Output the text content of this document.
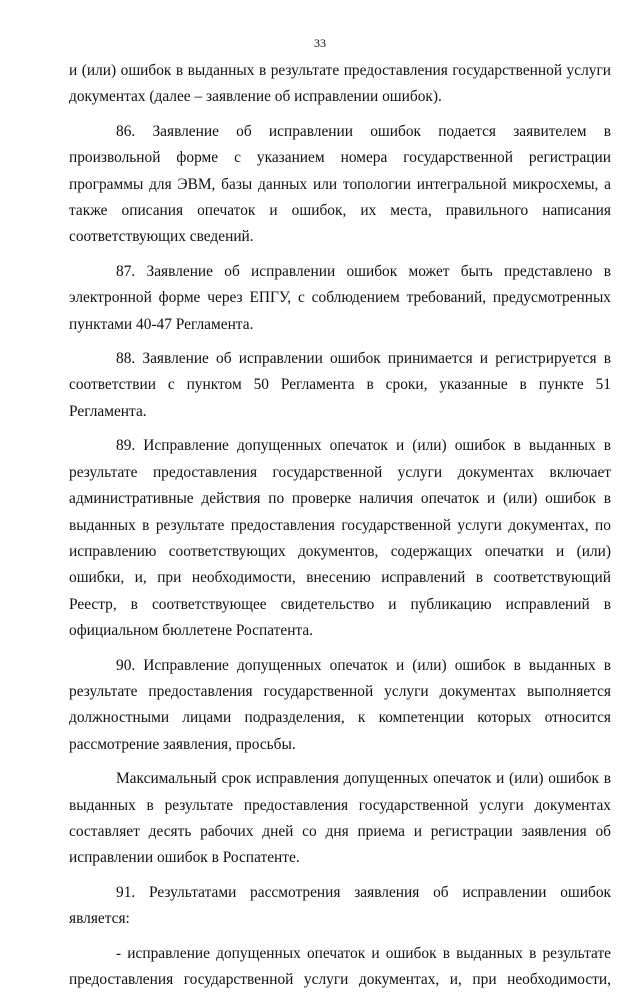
33

и (или) ошибок в выданных в результате предоставления государственной услуги документах (далее – заявление об исправлении ошибок).

86. Заявление об исправлении ошибок подается заявителем в произвольной форме с указанием номера государственной регистрации программы для ЭВМ, базы данных или топологии интегральной микросхемы, а также описания опечаток и ошибок, их места, правильного написания соответствующих сведений.

87. Заявление об исправлении ошибок может быть представлено в электронной форме через ЕПГУ, с соблюдением требований, предусмотренных пунктами 40-47 Регламента.

88. Заявление об исправлении ошибок принимается и регистрируется в соответствии с пунктом 50 Регламента в сроки, указанные в пункте 51 Регламента.

89. Исправление допущенных опечаток и (или) ошибок в выданных в результате предоставления государственной услуги документах включает административные действия по проверке наличия опечаток и (или) ошибок в выданных в результате предоставления государственной услуги документах, по исправлению соответствующих документов, содержащих опечатки и (или) ошибки, и, при необходимости, внесению исправлений в соответствующий Реестр, в соответствующее свидетельство и публикацию исправлений в официальном бюллетене Роспатента.

90. Исправление допущенных опечаток и (или) ошибок в выданных в результате предоставления государственной услуги документах выполняется должностными лицами подразделения, к компетенции которых относится рассмотрение заявления, просьбы.

Максимальный срок исправления допущенных опечаток и (или) ошибок в выданных в результате предоставления государственной услуги документах составляет десять рабочих дней со дня приема и регистрации заявления об исправлении ошибок в Роспатенте.

91. Результатами рассмотрения заявления об исправлении ошибок является:

- исправление допущенных опечаток и ошибок в выданных в результате предоставления государственной услуги документах, и, при необходимости,
